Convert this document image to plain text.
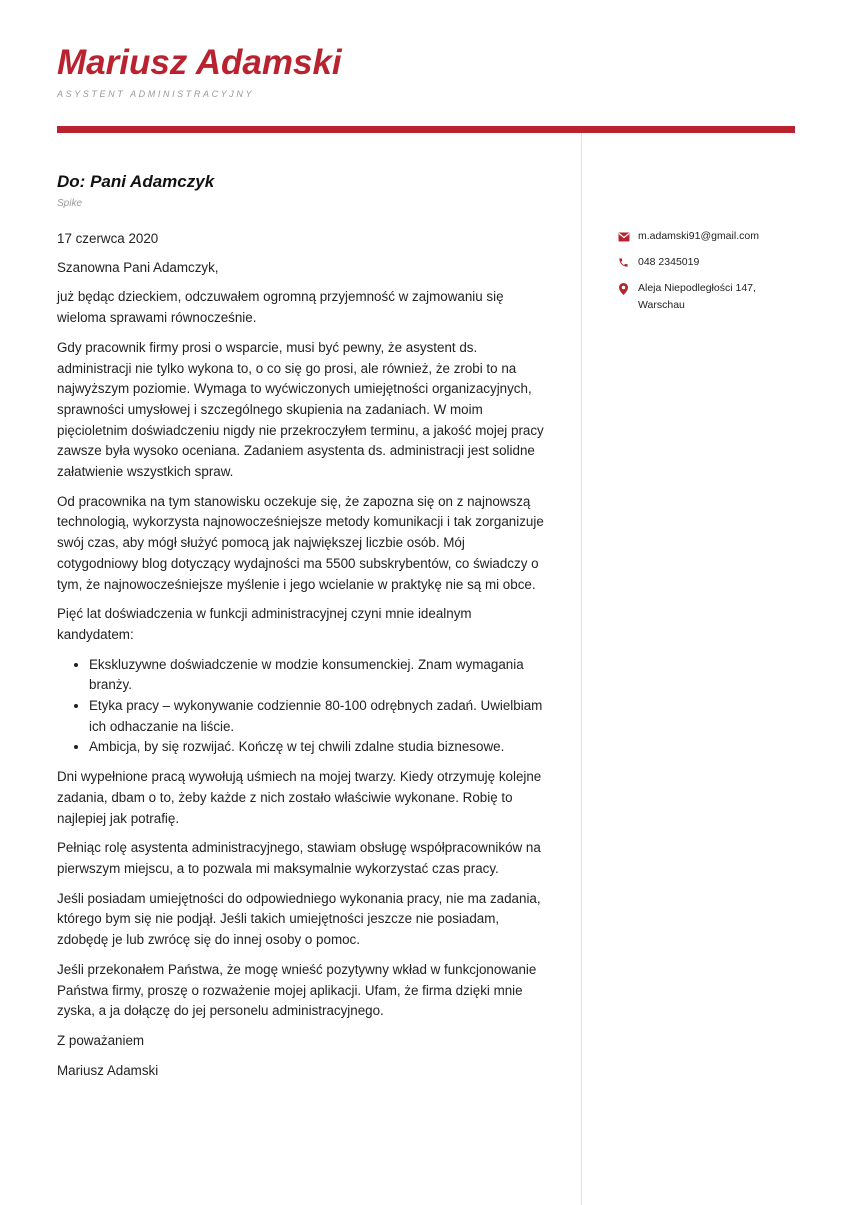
Mariusz Adamski
ASYSTENT ADMINISTRACYJNY
Do: Pani Adamczyk
Spike

17 czerwca 2020

Szanowna Pani Adamczyk,

już będąc dzieckiem, odczuwałem ogromną przyjemność w zajmowaniu się wieloma sprawami równocześnie.

Gdy pracownik firmy prosi o wsparcie, musi być pewny, że asystent ds. administracji nie tylko wykona to, o co się go prosi, ale również, że zrobi to na najwyższym poziomie. Wymaga to wyćwiczonych umiejętności organizacyjnych, sprawności umysłowej i szczególnego skupienia na zadaniach. W moim pięcioletnim doświadczeniu nigdy nie przekroczyłem terminu, a jakość mojej pracy zawsze była wysoko oceniana. Zadaniem asystenta ds. administracji jest solidne załatwienie wszystkich spraw.

Od pracownika na tym stanowisku oczekuje się, że zapozna się on z najnowszą technologią, wykorzysta najnowocześniejsze metody komunikacji i tak zorganizuje swój czas, aby mógł służyć pomocą jak największej liczbie osób. Mój cotygodniowy blog dotyczący wydajności ma 5500 subskrybentów, co świadczy o tym, że najnowocześniejsze myślenie i jego wcielanie w praktykę nie są mi obce.

Pięć lat doświadczenia w funkcji administracyjnej czyni mnie idealnym kandydatem:

• Ekskluzywne doświadczenie w modzie konsumenckiej. Znam wymagania branży.
• Etyka pracy – wykonywanie codziennie 80-100 odrębnych zadań. Uwielbiam ich odhaczanie na liście.
• Ambicja, by się rozwijać. Kończę w tej chwili zdalne studia biznesowe.

Dni wypełnione pracą wywołują uśmiech na mojej twarzy. Kiedy otrzymuję kolejne zadania, dbam o to, żeby każde z nich zostało właściwie wykonane. Robię to najlepiej jak potrafię.

Pełniąc rolę asystenta administracyjnego, stawiam obsługę współpracowników na pierwszym miejscu, a to pozwala mi maksymalnie wykorzystać czas pracy.

Jeśli posiadam umiejętności do odpowiedniego wykonania pracy, nie ma zadania, którego bym się nie podjął. Jeśli takich umiejętności jeszcze nie posiadam, zdobędę je lub zwrócę się do innej osoby o pomoc.

Jeśli przekonałem Państwa, że mogę wnieść pozytywny wkład w funkcjonowanie Państwa firmy, proszę o rozważenie mojej aplikacji. Ufam, że firma dzięki mnie zyska, a ja dołączę do jej personelu administracyjnego.

Z poważaniem

Mariusz Adamski

m.adamski91@gmail.com
048 2345019
Aleja Niepodległości 147,
Warschau
